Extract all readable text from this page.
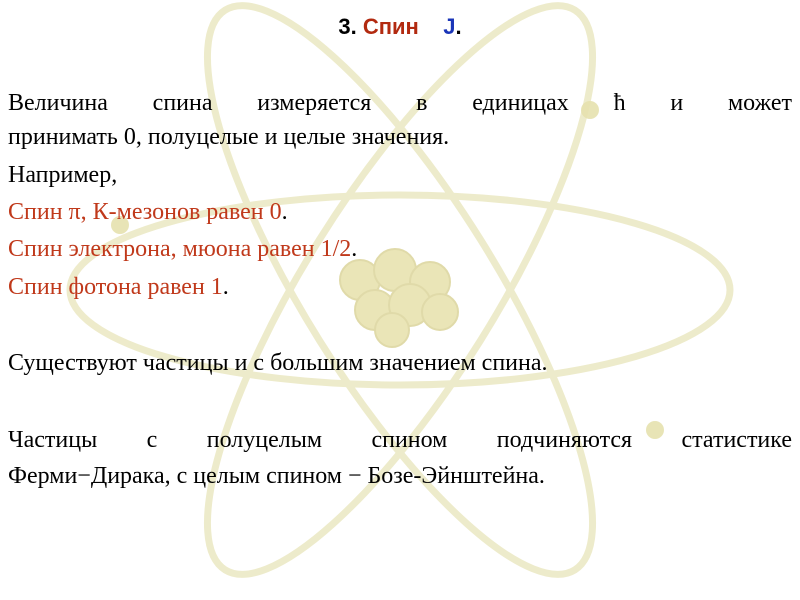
3. Спин J.
Величина спина измеряется в единицах ħ и может
принимать 0, полуцелые и целые значения.
Например,
Спин π, К-мезонов равен 0.
Спин электрона, мюона равен 1/2.
Спин фотона равен 1.
Существуют частицы и с большим значением спина.
Частицы с полуцелым спином подчиняются статистике
Ферми−Дирака, с целым спином − Бозе-Эйнштейна.
